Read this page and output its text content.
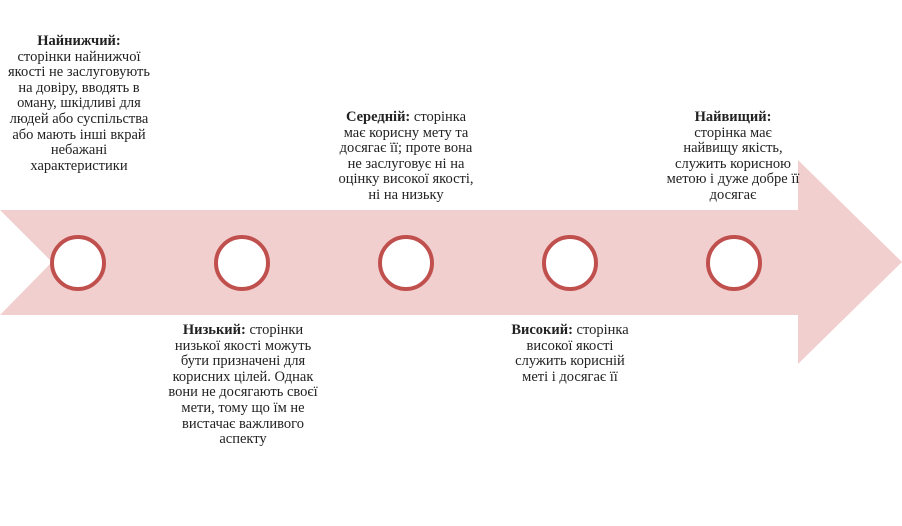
Найнижчий:
сторінки найнижчої якості не заслуговують на довіру, вводять в оману, шкідливі для людей або суспільства або мають інші вкрай небажані характеристики
Низький: сторінки низької якості можуть бути призначені для корисних цілей. Однак вони не досягають своєї мети, тому що їм не вистачає важливого аспекту
Середній: сторінка має корисну мету та досягає її; проте вона не заслуговує ні на оцінку високої якості, ні на низьку
Високий: сторінка високої якості служить корисній меті і досягає її
Найвищий:
сторінка має найвищу якість, служить корисною метою і дуже добре її досягає
